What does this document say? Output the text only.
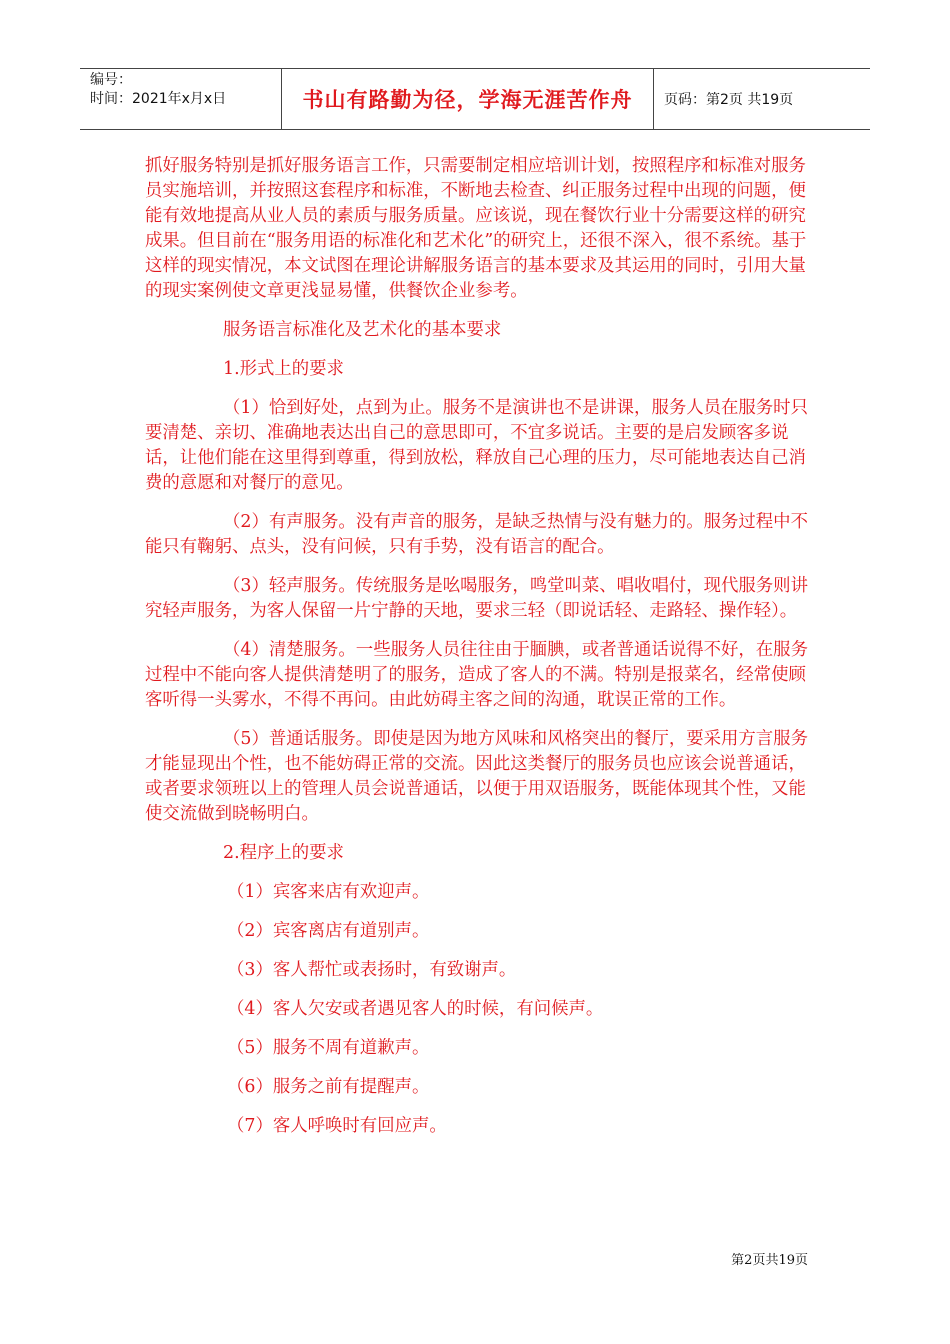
编号：
时间：2021年x月x日	书山有路勤为径，学海无涯苦作舟	页码：第2页 共19页

抓好服务特别是抓好服务语言工作，只需要制定相应培训计划，按照程序和标准对服务员实施培训，并按照这套程序和标准，不断地去检查、纠正服务过程中出现的问题，便能有效地提高从业人员的素质与服务质量。应该说，现在餐饮行业十分需要这样的研究成果。但目前在“服务用语的标准化和艺术化”的研究上，还很不深入，很不系统。基于这样的现实情况，本文试图在理论讲解服务语言的基本要求及其运用的同时，引用大量的现实案例使文章更浅显易懂，供餐饮企业参考。

服务语言标准化及艺术化的基本要求

1.形式上的要求

（1）恰到好处，点到为止。服务不是演讲也不是讲课，服务人员在服务时只要清楚、亲切、准确地表达出自己的意思即可，不宜多说话。主要的是启发顾客多说话，让他们能在这里得到尊重，得到放松，释放自己心理的压力，尽可能地表达自己消费的意愿和对餐厅的意见。

（2）有声服务。没有声音的服务，是缺乏热情与没有魅力的。服务过程中不能只有鞠躬、点头，没有问候，只有手势，没有语言的配合。

（3）轻声服务。传统服务是吆喝服务，鸣堂叫菜、唱收唱付，现代服务则讲究轻声服务，为客人保留一片宁静的天地，要求三轻（即说话轻、走路轻、操作轻）。

（4）清楚服务。一些服务人员往往由于腼腆，或者普通话说得不好，在服务过程中不能向客人提供清楚明了的服务，造成了客人的不满。特别是报菜名，经常使顾客听得一头雾水，不得不再问。由此妨碍主客之间的沟通，耽误正常的工作。

（5）普通话服务。即使是因为地方风味和风格突出的餐厅，要采用方言服务才能显现出个性，也不能妨碍正常的交流。因此这类餐厅的服务员也应该会说普通话，或者要求领班以上的管理人员会说普通话，以便于用双语服务，既能体现其个性，又能使交流做到晓畅明白。

2.程序上的要求

（1）宾客来店有欢迎声。

（2）宾客离店有道别声。

（3）客人帮忙或表扬时，有致谢声。

（4）客人欠安或者遇见客人的时候，有问候声。

（5）服务不周有道歉声。

（6）服务之前有提醒声。

（7）客人呼唤时有回应声。

第2页共19页
